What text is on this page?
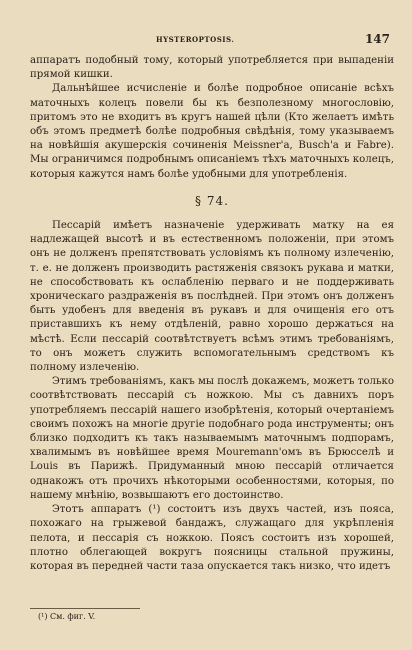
HYSTEROPTOSIS.	147

аппаратъ подобный тому, который употребляется при выпаденіи прямой кишки.

Дальнѣйшее исчисленіе и болѣе подробное описаніе всѣхъ маточныхъ колецъ повели бы къ безполезному многословію, притомъ это не входитъ въ кругъ нашей цѣли (Кто желаетъ имѣть объ этомъ предметѣ болѣе подробныя свѣдѣнія, тому указываемъ на новѣйшія акушерскія сочиненія Meissner'a, Busch'a и Fabre). Мы ограничимся подробнымъ описаніемъ тѣхъ маточныхъ колецъ, которыя кажутся намъ болѣе удобными для употребленія.

§ 74.

Пессарій имѣетъ назначеніе удерживать матку на ея надлежащей высотѣ и въ естественномъ положеніи, при этомъ онъ не долженъ препятствовать условіямъ къ полному излеченію, т. е. не долженъ производить растяженія связокъ рукава и матки, не способствовать къ ослабленію перваго и не поддерживать хроническаго раздраженія въ послѣдней. При этомъ онъ долженъ быть удобенъ для введенія въ рукавъ и для очищенія его отъ приставшихъ къ нему отдѣленій, равно хорошо держаться на мѣстѣ. Если пессарій соотвѣтствуетъ всѣмъ этимъ требованіямъ, то онъ можетъ служить вспомогательнымъ средствомъ къ полному излеченію.

Этимъ требованіямъ, какъ мы послѣ докажемъ, можетъ только соотвѣтствовать пессарій съ ножкою. Мы съ давнихъ поръ употребляемъ пессарій нашего изобрѣтенія, который очертаніемъ своимъ похожъ на многіе другіе подобнаго рода инструменты; онъ близко подходитъ къ такъ называемымъ маточнымъ подпорамъ, хвалимымъ въ новѣйшее время Mouremann'омъ въ Брюсселѣ и Louis въ Парижѣ. Придуманный мною пессарій отличается однакожъ отъ прочихъ нѣкоторыми особенностями, которыя, по нашему мнѣнію, возвышаютъ его достоинство.

Этотъ аппаратъ (¹) состоитъ изъ двухъ частей, изъ пояса, похожаго на грыжевой бандажъ, служащаго для укрѣпленія пелота, и пессарія съ ножкою. Поясъ состоитъ изъ хорошей, плотно облегающей вокругъ поясницы стальной пружины, которая въ передней части таза опускается такъ низко, что идетъ

(¹) См. фиг. V.
